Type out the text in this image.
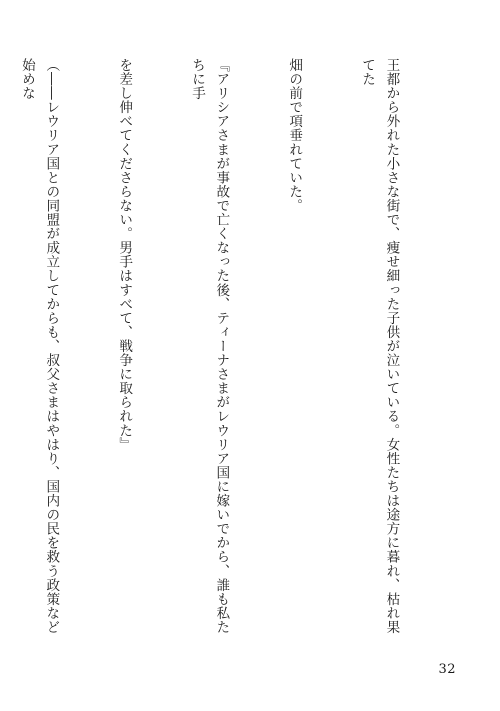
王都から外れた小さな街で、痩せ細った子供が泣いている。女性たちは途方に暮れ、枯れ果てた

畑の前で項垂れていた。

『アリシアさまが事故で亡くなった後、ティーナさまがレウリア国に嫁いでから、誰も私たちに手

を差し伸べてくださらない。男手はすべて、戦争に取られた』

（――レウリア国との同盟が成立してからも、叔父さまはやはり、国内の民を救う政策など始めな

32
